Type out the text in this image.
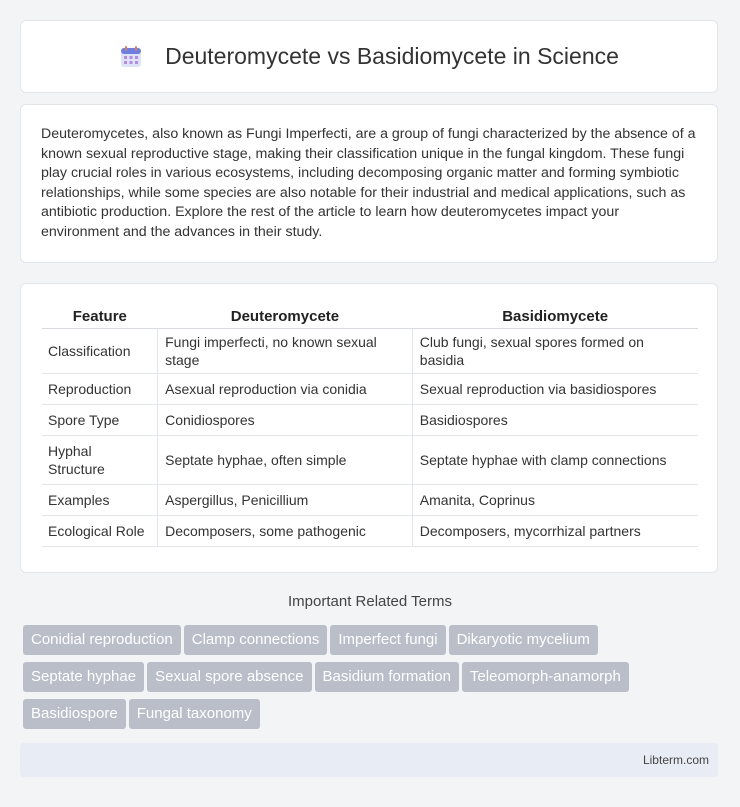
Deuteromycete vs Basidiomycete in Science

Deuteromycetes, also known as Fungi Imperfecti, are a group of fungi characterized by the absence of a known sexual reproductive stage, making their classification unique in the fungal kingdom. These fungi play crucial roles in various ecosystems, including decomposing organic matter and forming symbiotic relationships, while some species are also notable for their industrial and medical applications, such as antibiotic production. Explore the rest of the article to learn how deuteromycetes impact your environment and the advances in their study.

Feature	Deuteromycete	Basidiomycete
Classification	Fungi imperfecti, no known sexual stage	Club fungi, sexual spores formed on basidia
Reproduction	Asexual reproduction via conidia	Sexual reproduction via basidiospores
Spore Type	Conidiospores	Basidiospores
Hyphal Structure	Septate hyphae, often simple	Septate hyphae with clamp connections
Examples	Aspergillus, Penicillium	Amanita, Coprinus
Ecological Role	Decomposers, some pathogenic	Decomposers, mycorrhizal partners
Important Related Terms
Conidial reproduction Clamp connections Imperfect fungi Dikaryotic mycelium
Septate hyphae Sexual spore absence Basidium formation Teleomorph-anamorph
Basidiospore Fungal taxonomy
Libterm.com
